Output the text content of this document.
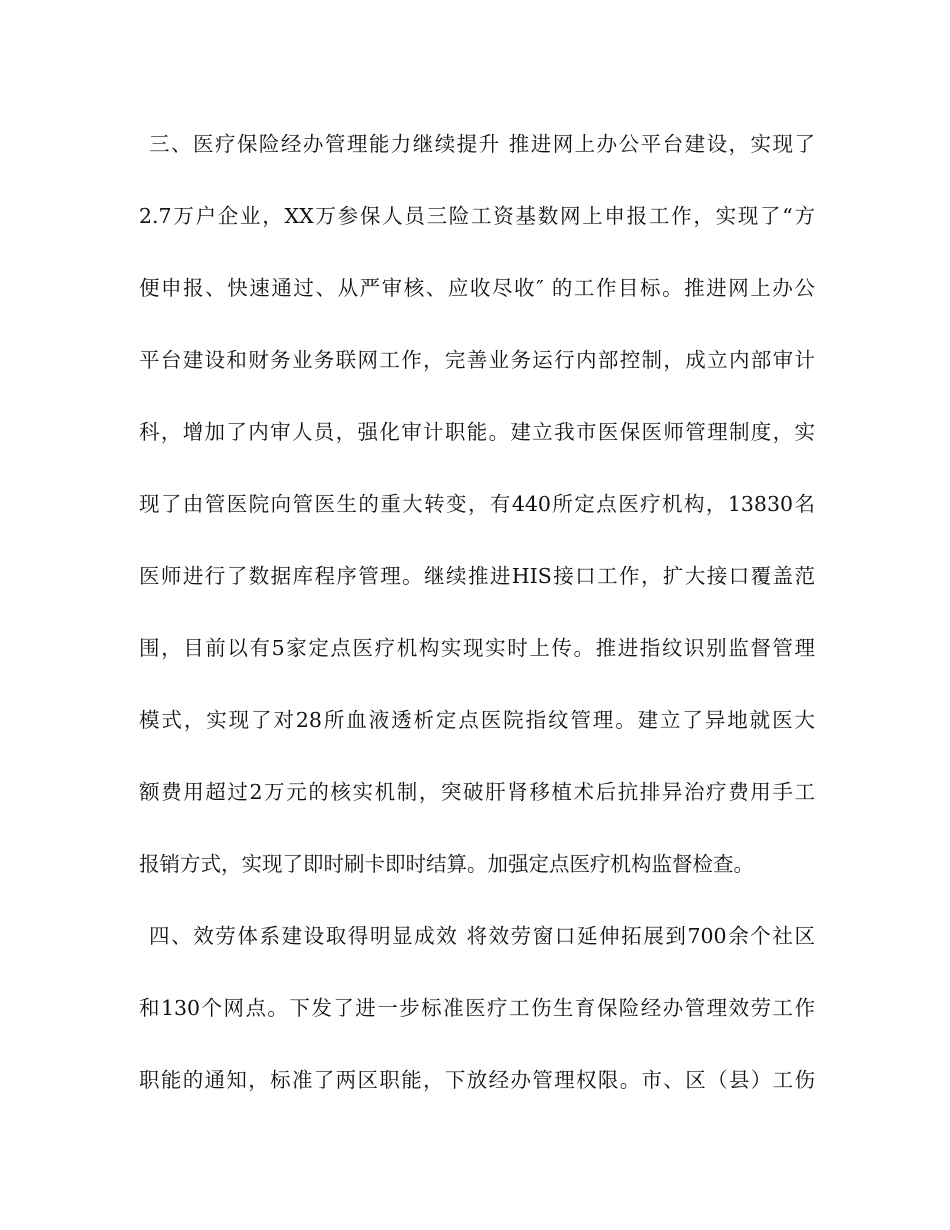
三、医疗保险经办管理能力继续提升 推进网上办公平台建设，实现了
2.7万户企业，XX万参保人员三险工资基数网上申报工作，实现了“方
便申报、快速通过、从严审核、应收尽收″ 的工作目标。推进网上办公
平台建设和财务业务联网工作，完善业务运行内部控制，成立内部审计
科，增加了内审人员，强化审计职能。建立我市医保医师管理制度，实
现了由管医院向管医生的重大转变，有440所定点医疗机构，13830名
医师进行了数据库程序管理。继续推进HIS接口工作，扩大接口覆盖范
围，目前以有5家定点医疗机构实现实时上传。推进指纹识别监督管理
模式，实现了对28所血液透析定点医院指纹管理。建立了异地就医大
额费用超过2万元的核实机制，突破肝肾移植术后抗排异治疗费用手工
报销方式，实现了即时刷卡即时结算。加强定点医疗机构监督检查。
四、效劳体系建设取得明显成效 将效劳窗口延伸拓展到700余个社区
和130个网点。下发了进一步标准医疗工伤生育保险经办管理效劳工作
职能的通知，标准了两区职能，下放经办管理权限。市、区（县）工伤
